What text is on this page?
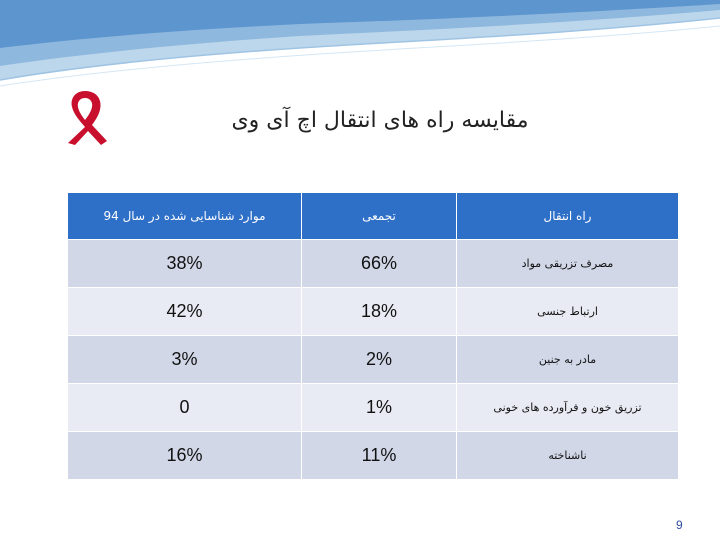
مقایسه راه های انتقال اچ آی وی
موارد شناسایی شده در سال 94	تجمعی	راه انتقال
38%	66%	مصرف تزریقی مواد
42%	18%	ارتباط جنسی
3%	2%	مادر به جنین
0	1%	تزریق خون و فرآورده های خونی
16%	11%	ناشناخته
9
